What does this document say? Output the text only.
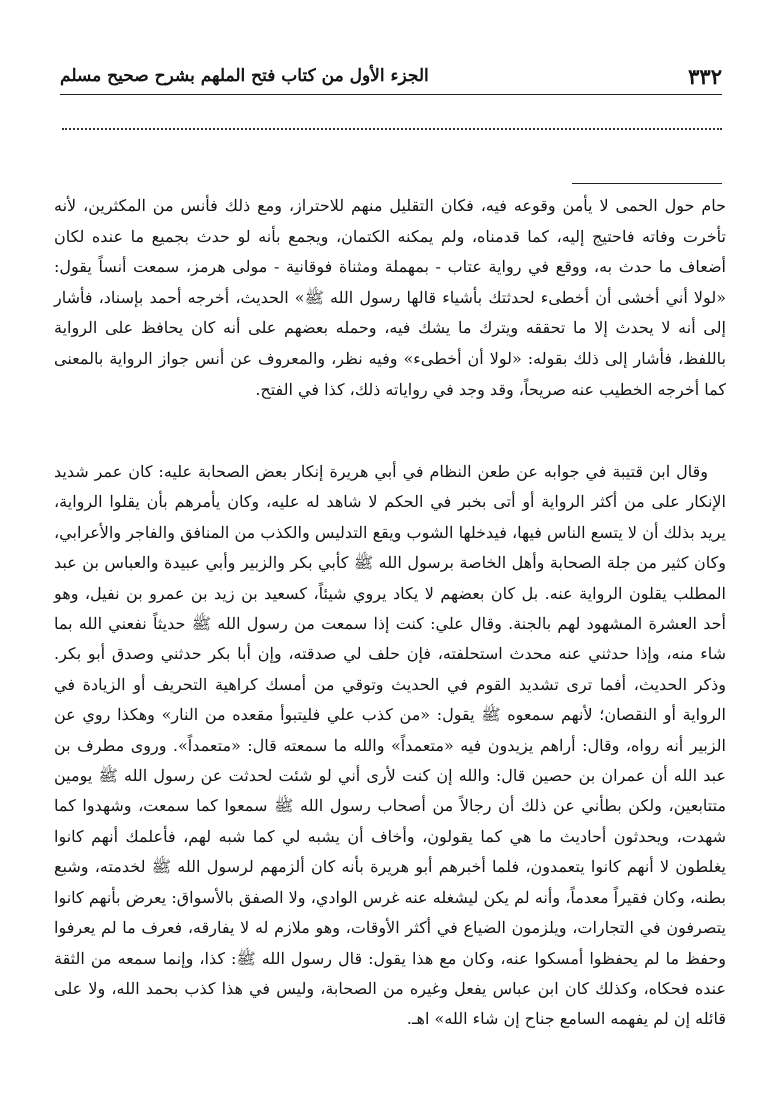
٣٣٢
الجزء الأول من كتاب فتح الملهم بشرح صحيح مسلم

حام حول الحمى لا يأمن وقوعه فيه، فكان التقليل منهم للاحتراز، ومع ذلك فأنس من المكثرين، لأنه تأخرت وفاته فاحتيج إليه، كما قدمناه، ولم يمكنه الكتمان، ويجمع بأنه لو حدث بجميع ما عنده لكان أضعاف ما حدث به، ووقع في رواية عتاب - بمهملة ومثناة فوقانية - مولى هرمز، سمعت أنساً يقول: «لولا أني أخشى أن أخطىء لحدثتك بأشياء قالها رسول الله ﷺ» الحديث، أخرجه أحمد بإسناد، فأشار إلى أنه لا يحدث إلا ما تحققه ويترك ما يشك فيه، وحمله بعضهم على أنه كان يحافظ على الرواية باللفظ، فأشار إلى ذلك بقوله: «لولا أن أخطىء» وفيه نظر، والمعروف عن أنس جواز الرواية بالمعنى كما أخرجه الخطيب عنه صريحاً، وقد وجد في رواياته ذلك، كذا في الفتح.

وقال ابن قتيبة في جوابه عن طعن النظام في أبي هريرة إنكار بعض الصحابة عليه: كان عمر شديد الإنكار على من أكثر الرواية أو أتى بخبر في الحكم لا شاهد له عليه، وكان يأمرهم بأن يقلوا الرواية، يريد بذلك أن لا يتسع الناس فيها، فيدخلها الشوب ويقع التدليس والكذب من المنافق والفاجر والأعرابي، وكان كثير من جلة الصحابة وأهل الخاصة برسول الله ﷺ كأبي بكر والزبير وأبي عبيدة والعباس بن عبد المطلب يقلون الرواية عنه. بل كان بعضهم لا يكاد يروي شيئاً، كسعيد بن زيد بن عمرو بن نفيل، وهو أحد العشرة المشهود لهم بالجنة. وقال علي: كنت إذا سمعت من رسول الله ﷺ حديثاً نفعني الله بما شاء منه، وإذا حدثني عنه محدث استحلفته، فإن حلف لي صدقته، وإن أبا بكر حدثني وصدق أبو بكر. وذكر الحديث، أفما ترى تشديد القوم في الحديث وتوقي من أمسك كراهية التحريف أو الزيادة في الرواية أو النقصان؛ لأنهم سمعوه ﷺ يقول: «من كذب علي فليتبوأ مقعده من النار» وهكذا روي عن الزبير أنه رواه، وقال: أراهم يزيدون فيه «متعمداً» والله ما سمعته قال: «متعمداً». وروى مطرف بن عبد الله أن عمران بن حصين قال: والله إن كنت لأرى أني لو شئت لحدثت عن رسول الله ﷺ يومين متتابعين، ولكن بطأني عن ذلك أن رجالاً من أصحاب رسول الله ﷺ سمعوا كما سمعت، وشهدوا كما شهدت، ويحدثون أحاديث ما هي كما يقولون، وأخاف أن يشبه لي كما شبه لهم، فأعلمك أنهم كانوا يغلطون لا أنهم كانوا يتعمدون، فلما أخبرهم أبو هريرة بأنه كان ألزمهم لرسول الله ﷺ لخدمته، وشبع بطنه، وكان فقيراً معدماً، وأنه لم يكن ليشغله عنه غرس الوادي، ولا الصفق بالأسواق: يعرض بأنهم كانوا يتصرفون في التجارات، ويلزمون الضياع في أكثر الأوقات، وهو ملازم له لا يفارقه، فعرف ما لم يعرفوا وحفظ ما لم يحفظوا أمسكوا عنه، وكان مع هذا يقول: قال رسول الله ﷺ: كذا، وإنما سمعه من الثقة عنده فحكاه، وكذلك كان ابن عباس يفعل وغيره من الصحابة، وليس في هذا كذب بحمد الله، ولا على قائله إن لم يفهمه السامع جناح إن شاء الله» اهـ.
